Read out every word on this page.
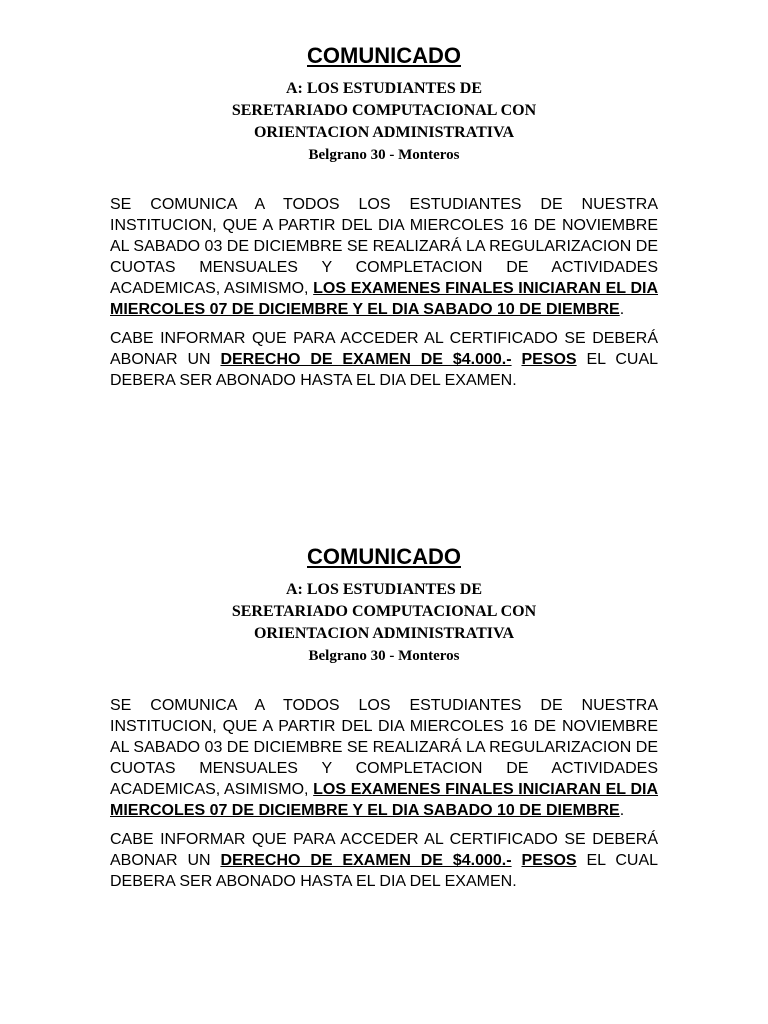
COMUNICADO
A: LOS ESTUDIANTES DE
SERETARIADO COMPUTACIONAL CON
ORIENTACION ADMINISTRATIVA
Belgrano 30 - Monteros

SE COMUNICA A TODOS LOS ESTUDIANTES DE NUESTRA INSTITUCION, QUE A PARTIR DEL DIA MIERCOLES 16 DE NOVIEMBRE AL SABADO 03 DE DICIEMBRE SE REALIZARÁ LA REGULARIZACION DE CUOTAS MENSUALES Y COMPLETACION DE ACTIVIDADES ACADEMICAS, ASIMISMO, LOS EXAMENES FINALES INICIARAN EL DIA MIERCOLES 07 DE DICIEMBRE Y EL DIA SABADO 10 DE DIEMBRE.

CABE INFORMAR QUE PARA ACCEDER AL CERTIFICADO SE DEBERÁ ABONAR UN DERECHO DE EXAMEN DE $4.000.- PESOS EL CUAL DEBERA SER ABONADO HASTA EL DIA DEL EXAMEN.

COMUNICADO
A: LOS ESTUDIANTES DE
SERETARIADO COMPUTACIONAL CON
ORIENTACION ADMINISTRATIVA
Belgrano 30 - Monteros

SE COMUNICA A TODOS LOS ESTUDIANTES DE NUESTRA INSTITUCION, QUE A PARTIR DEL DIA MIERCOLES 16 DE NOVIEMBRE AL SABADO 03 DE DICIEMBRE SE REALIZARÁ LA REGULARIZACION DE CUOTAS MENSUALES Y COMPLETACION DE ACTIVIDADES ACADEMICAS, ASIMISMO, LOS EXAMENES FINALES INICIARAN EL DIA MIERCOLES 07 DE DICIEMBRE Y EL DIA SABADO 10 DE DIEMBRE.

CABE INFORMAR QUE PARA ACCEDER AL CERTIFICADO SE DEBERÁ ABONAR UN DERECHO DE EXAMEN DE $4.000.- PESOS EL CUAL DEBERA SER ABONADO HASTA EL DIA DEL EXAMEN.
